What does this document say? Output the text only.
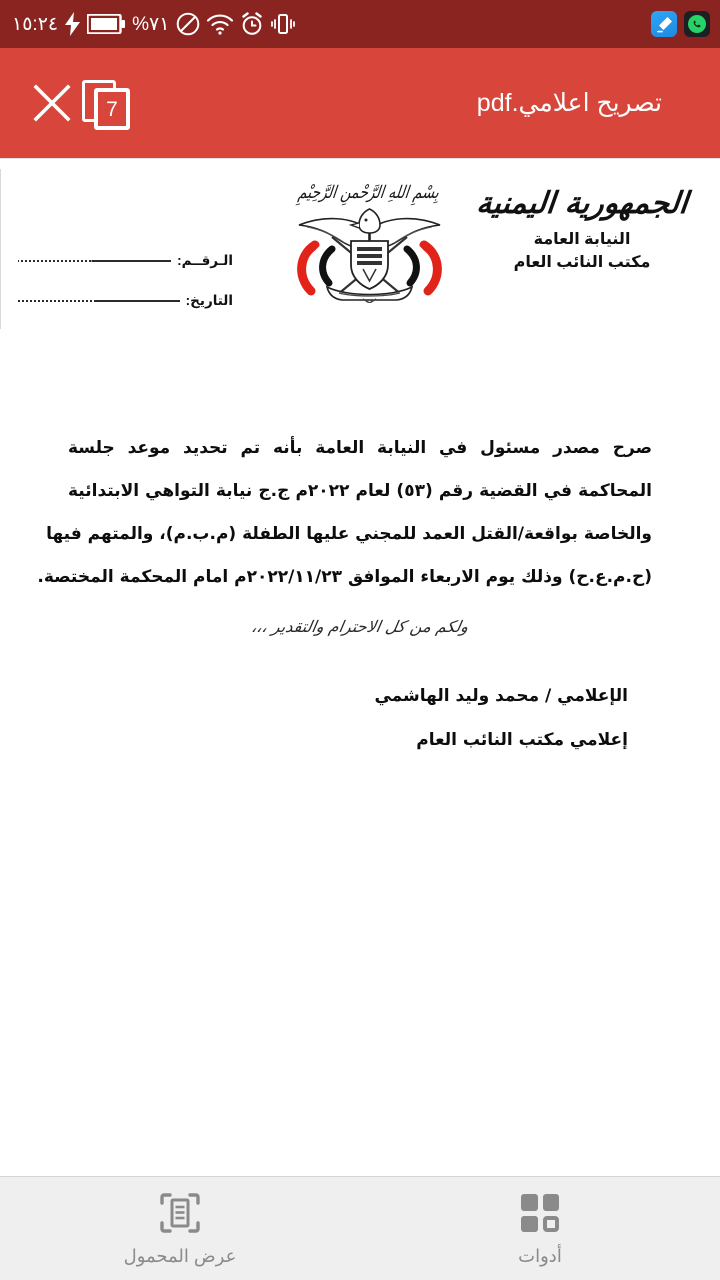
١٥:٢٤	%٧١
7	تصريح اعلامي.pdf
الجمهورية اليمنية
النيابة العامة
مكتب النائب العام
بِسْمِ اللهِ الرَّحْمنِ الرَّحِيْمِ
الـرقــم:
التاريخ:

صرح مصدر مسئول في النيابة العامة بأنه تم تحديد موعد جلسة

المحاكمة في القضية رقم (٥٣) لعام ٢٠٢٢م ج.ج نيابة التواهي الابتدائية

والخاصة بواقعة/القتل العمد للمجني عليها الطفلة (م.ب.م)، والمتهم فيها

(ح.م.ع.ح) وذلك يوم الاربعاء الموافق ٢٠٢٢/١١/٢٣م امام المحكمة المختصة.

ولكم من كل الاحترام والتقدير ،،،

الإعلامي / محمد وليد الهاشمي

إعلامي مكتب النائب العام

عرض المحمول	أدوات
